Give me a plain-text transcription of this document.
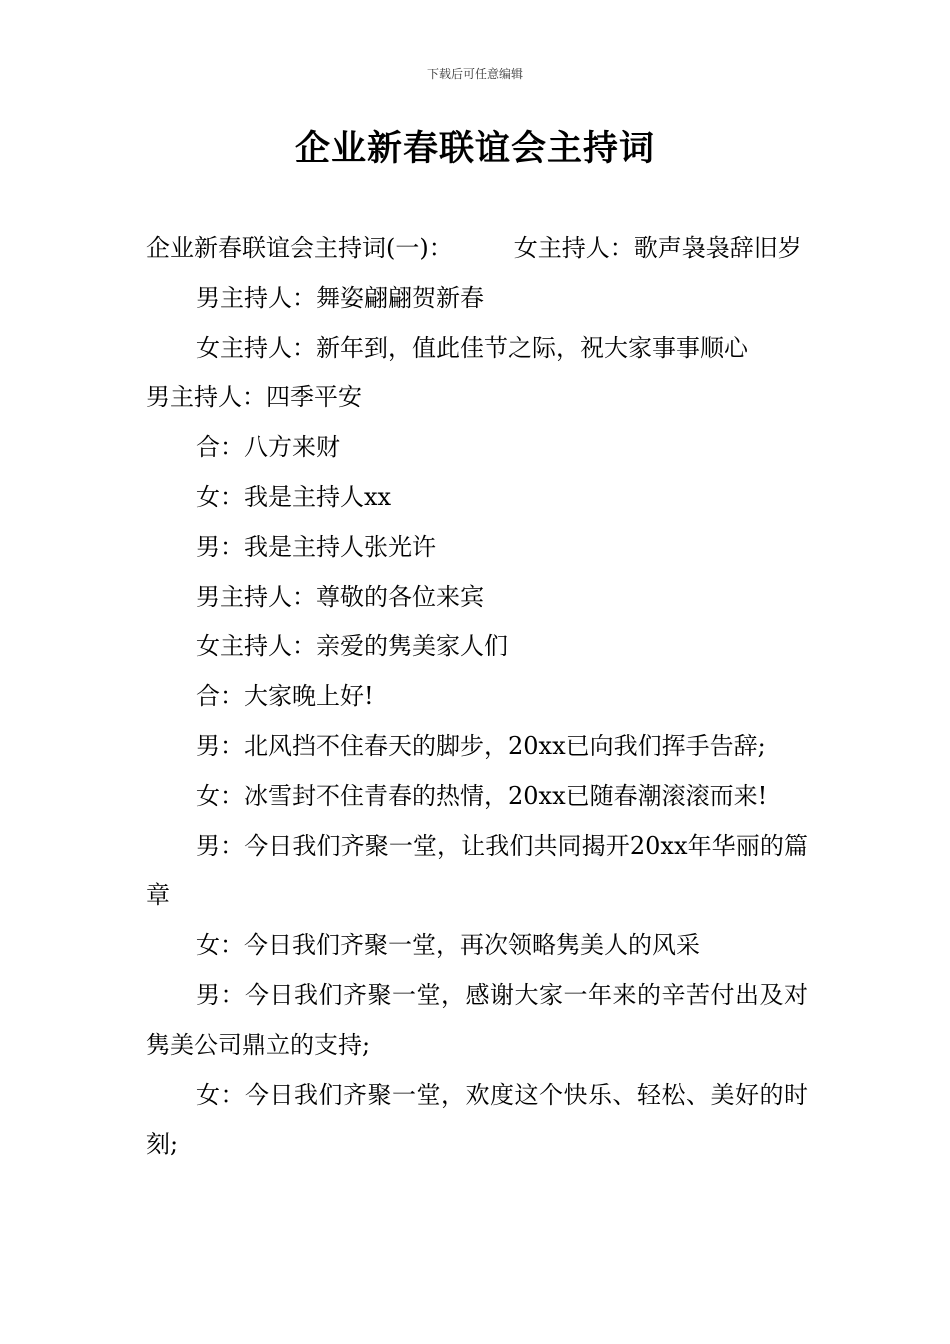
下载后可任意编辑
企业新春联谊会主持词

企业新春联谊会主持词(一)：        女主持人：歌声袅袅辞旧岁

男主持人：舞姿翩翩贺新春

女主持人：新年到，值此佳节之际，祝大家事事顺心

男主持人：四季平安

合：八方来财

女：我是主持人xx

男：我是主持人张光许

男主持人：尊敬的各位来宾

女主持人：亲爱的隽美家人们

合：大家晚上好!

男：北风挡不住春天的脚步，20xx已向我们挥手告辞;

女：冰雪封不住青春的热情，20xx已随春潮滚滚而来!

男：今日我们齐聚一堂，让我们共同揭开20xx年华丽的篇章

女：今日我们齐聚一堂，再次领略隽美人的风采

男：今日我们齐聚一堂，感谢大家一年来的辛苦付出及对隽美公司鼎立的支持;

女：今日我们齐聚一堂，欢度这个快乐、轻松、美好的时刻;
